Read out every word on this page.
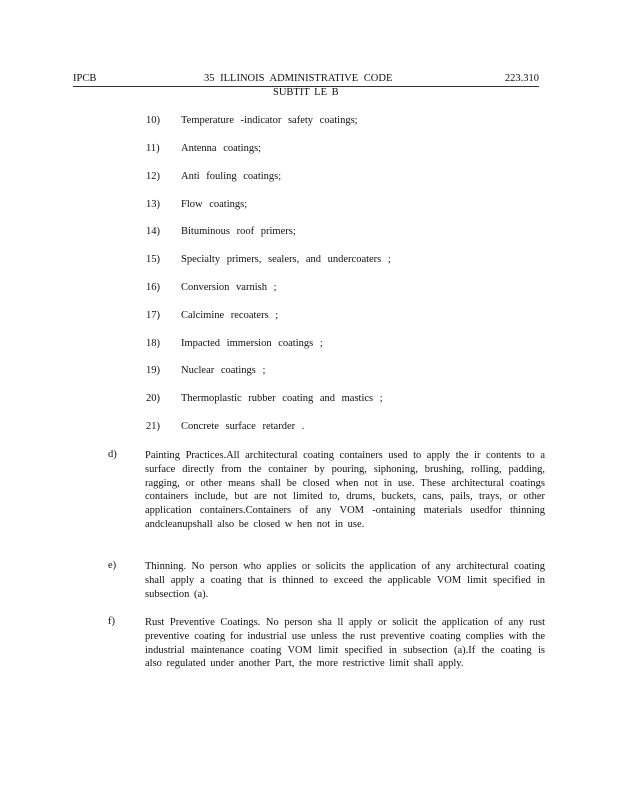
IPCB	35 ILLINOIS ADMINISTRATIVE CODE	223.310
SUBTIT LE B
10)	Temperature -indicator safety coatings;
11)	Antenna coatings;
12)	Anti fouling coatings;
13)	Flow coatings;
14)	Bituminous roof primers;
15)	Specialty primers, sealers, and undercoaters ;
16)	Conversion varnish ;
17)	Calcimine recoaters ;
18)	Impacted immersion coatings ;
19)	Nuclear coatings ;
20)	Thermoplastic rubber coating and mastics ;
21)	Concrete surface retarder .
d)	Painting Practices.All architectural coating containers used to apply the ir contents to a surface directly from the container by pouring, siphoning, brushing, rolling, padding, ragging, or other means shall be closed when not in use. These architectural coatings containers include, but are not limited to, drums, buckets, cans, pails, trays, or other application containers.Containers of any VOM -ontaining materials usedfor thinning andcleanupshall also be closed w hen not in use.
e)	Thinning. No person who applies or solicits the application of any architectural coating shall apply a coating that is thinned to exceed the applicable VOM limit specified in subsection (a).
f)	Rust Preventive Coatings. No person sha ll apply or solicit the application of any rust preventive coating for industrial use unless the rust preventive coating complies with the industrial maintenance coating VOM limit specified in subsection (a).If the coating is also regulated under another Part, the more restrictive limit shall apply.
